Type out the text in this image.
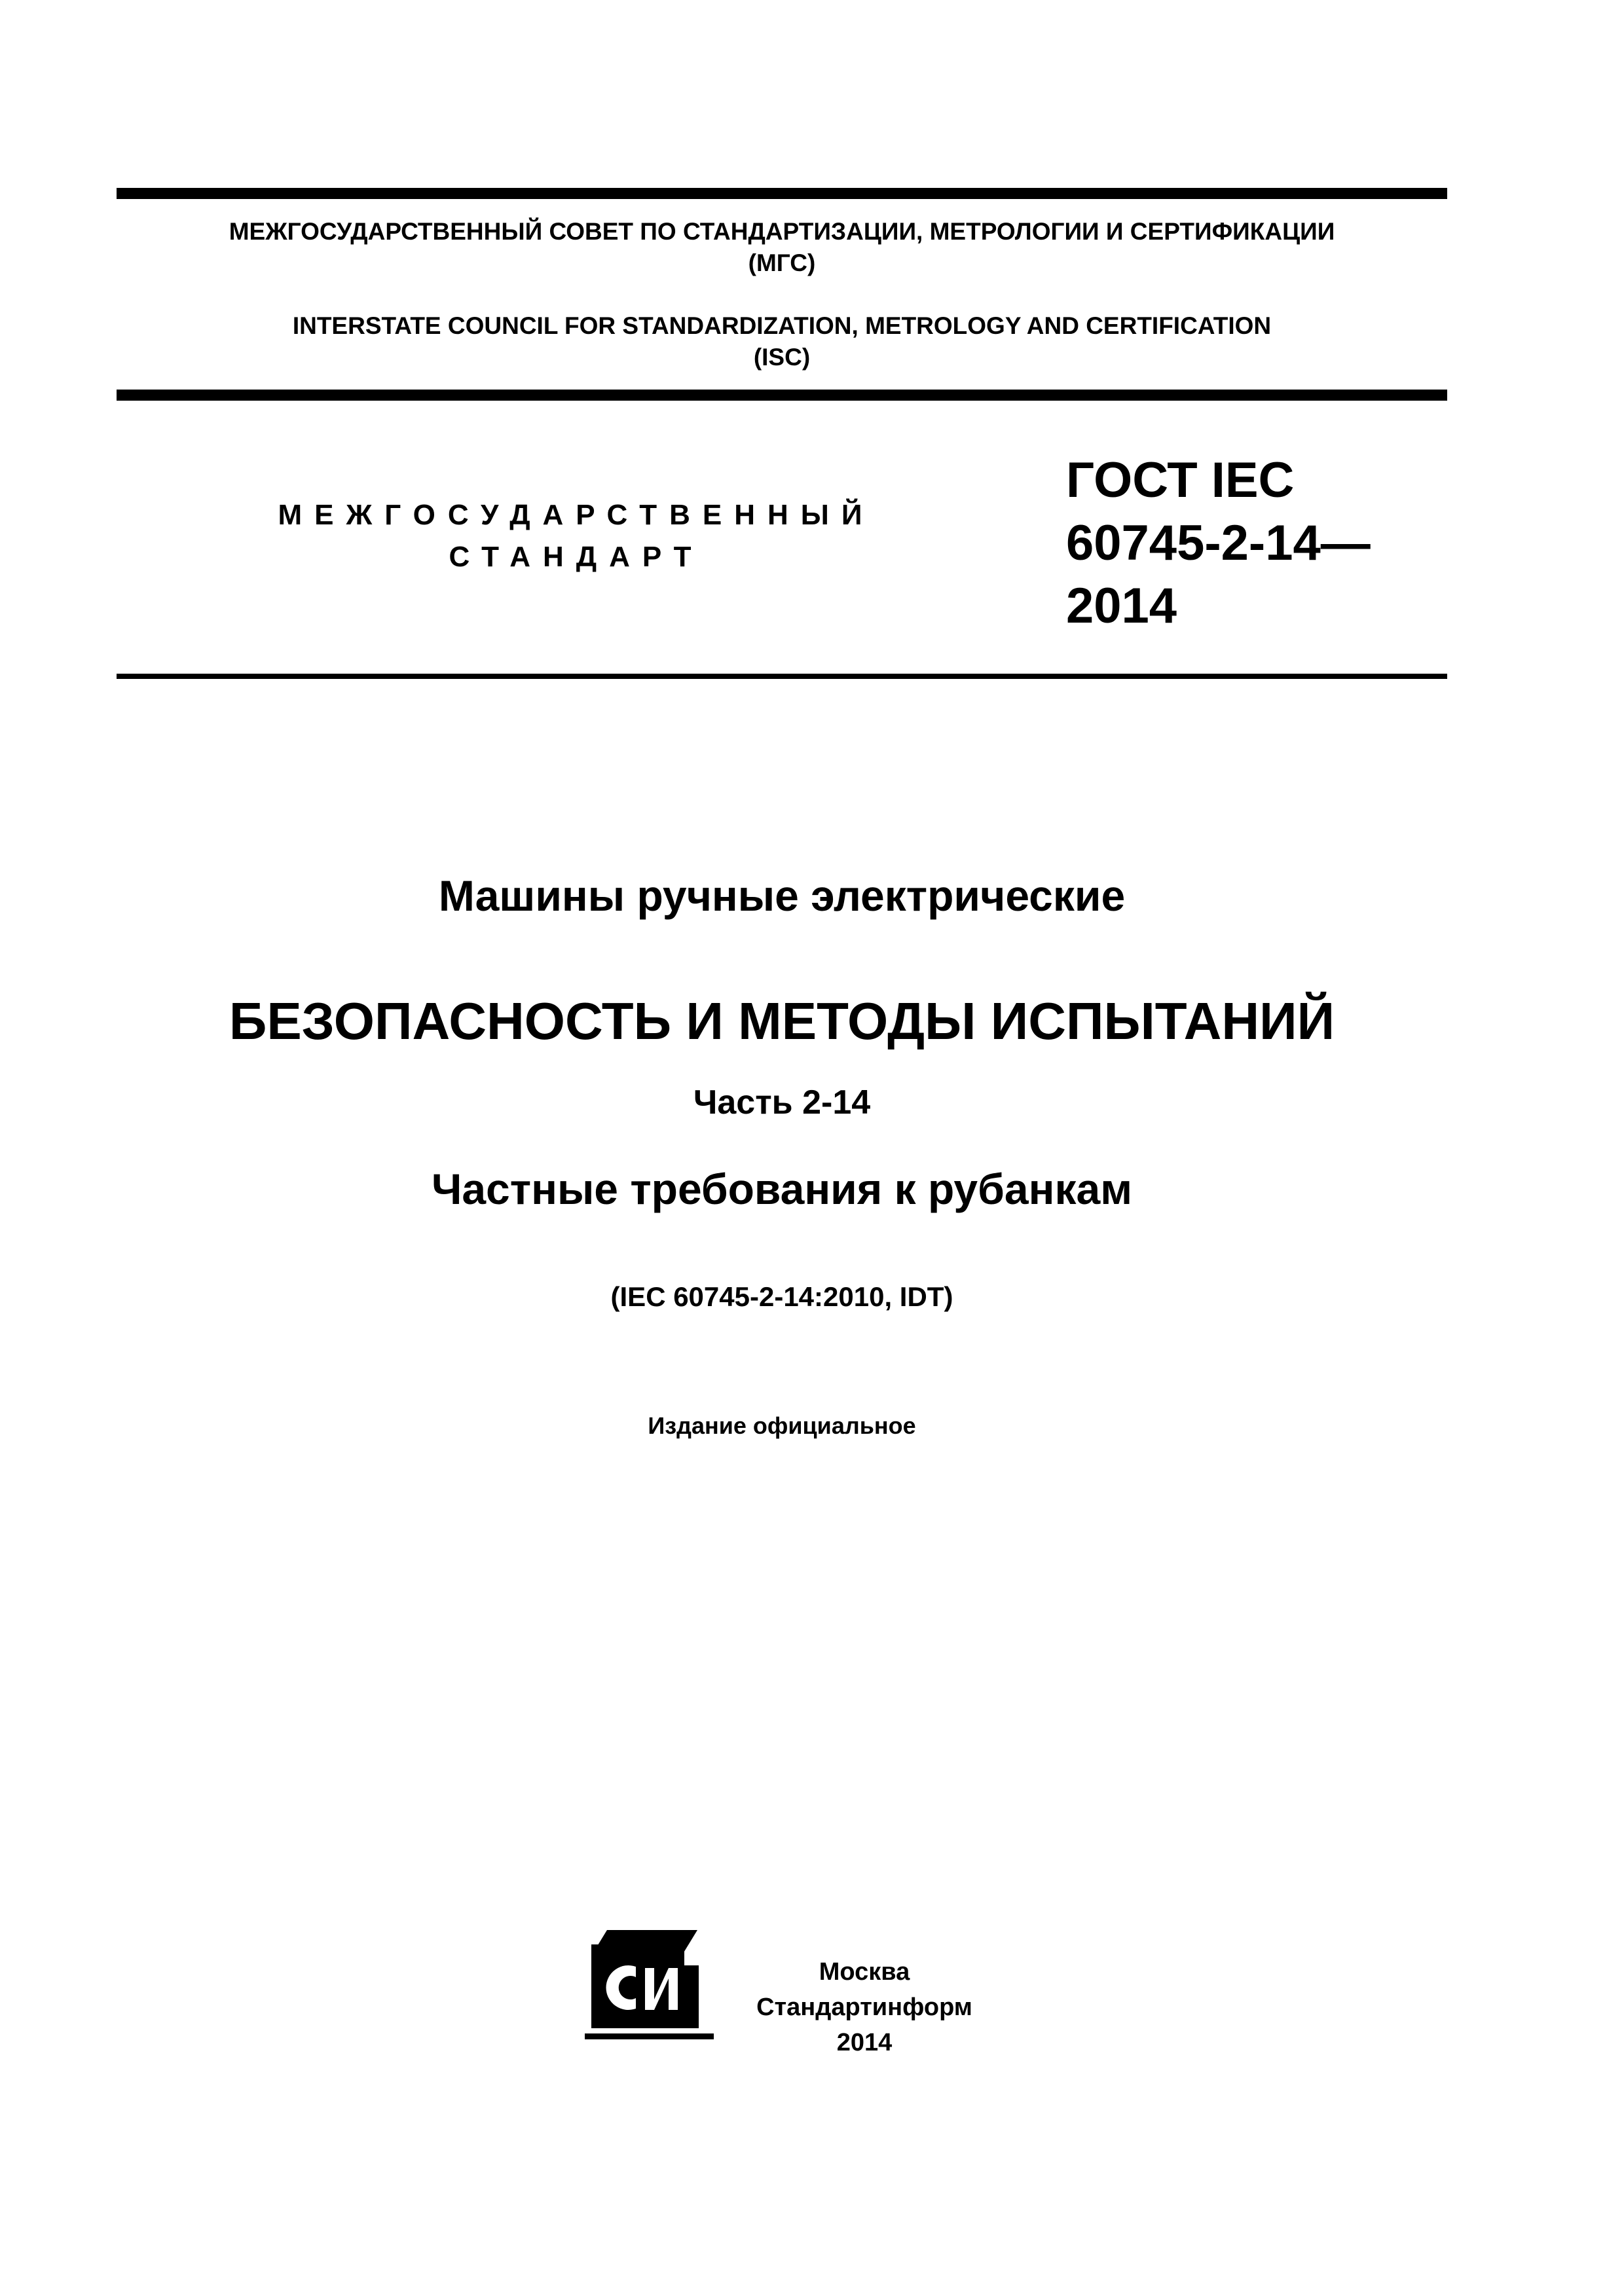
МЕЖГОСУДАРСТВЕННЫЙ СОВЕТ ПО СТАНДАРТИЗАЦИИ, МЕТРОЛОГИИ И СЕРТИФИКАЦИИ
(МГС)
INTERSTATE COUNCIL FOR STANDARDIZATION, METROLOGY AND CERTIFICATION
(ISC)
МЕЖГОСУДАРСТВЕННЫЙ
СТАНДАРТ
ГОСТ IEC
60745-2-14—
2014
Машины ручные электрические
БЕЗОПАСНОСТЬ И МЕТОДЫ ИСПЫТАНИЙ
Часть 2-14
Частные требования к рубанкам
(IEC 60745-2-14:2010, IDT)
Издание официальное
Москва
Стандартинформ
2014
